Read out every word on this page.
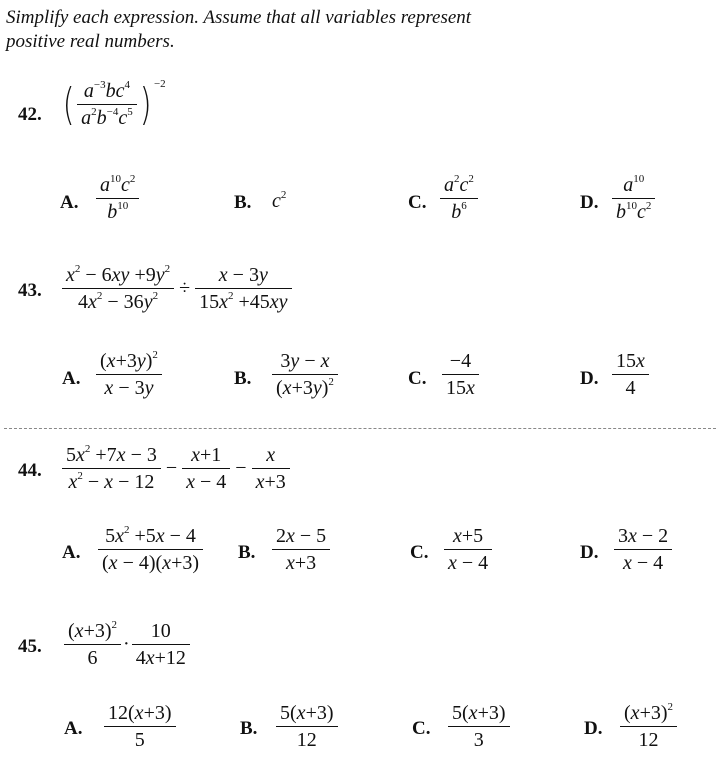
Simplify each expression. Assume that all variables represent
positive real numbers.
42. ( $\frac{a^{-3}bc^4}{a^2b^{-4}c^5}$ ) $^{-2}$
A. $\frac{a^{10}c^2}{b^{10}}$	B. $c^2$	C. $\frac{a^2c^2}{b^6}$	D. $\frac{a^{10}}{b^{10}c^2}$
43. $\frac{x^2 - 6xy +9y^2}{4x^2 - 36y^2} \div \frac{x - 3y}{15x^2 +45xy}$
A. $\frac{(x+3y)^2}{x - 3y}$	B. $\frac{3y - x}{(x+3y)^2}$	C. $\frac{-4}{15x}$	D. $\frac{15x}{4}$
44. $\frac{5x^2 +7x - 3}{x^2 - x - 12} - \frac{x+1}{x - 4} - \frac{x}{x+3}$
A. $\frac{5x^2 +5x - 4}{(x - 4)(x+3)} B$. $\frac{2x - 5}{x+3}$	C. $\frac{x+5}{x - 4}$	D. $\frac{3x - 2}{x - 4}$
45. $\frac{(x+3)^2}{6} \cdot \frac{10}{4x+12}$
A. $\frac{12(x+3)}{5}$	B. $\frac{5(x+3)}{12}$	C. $\frac{5(x+3)}{3}$	D. $\frac{(x+3)^2}{12}$
